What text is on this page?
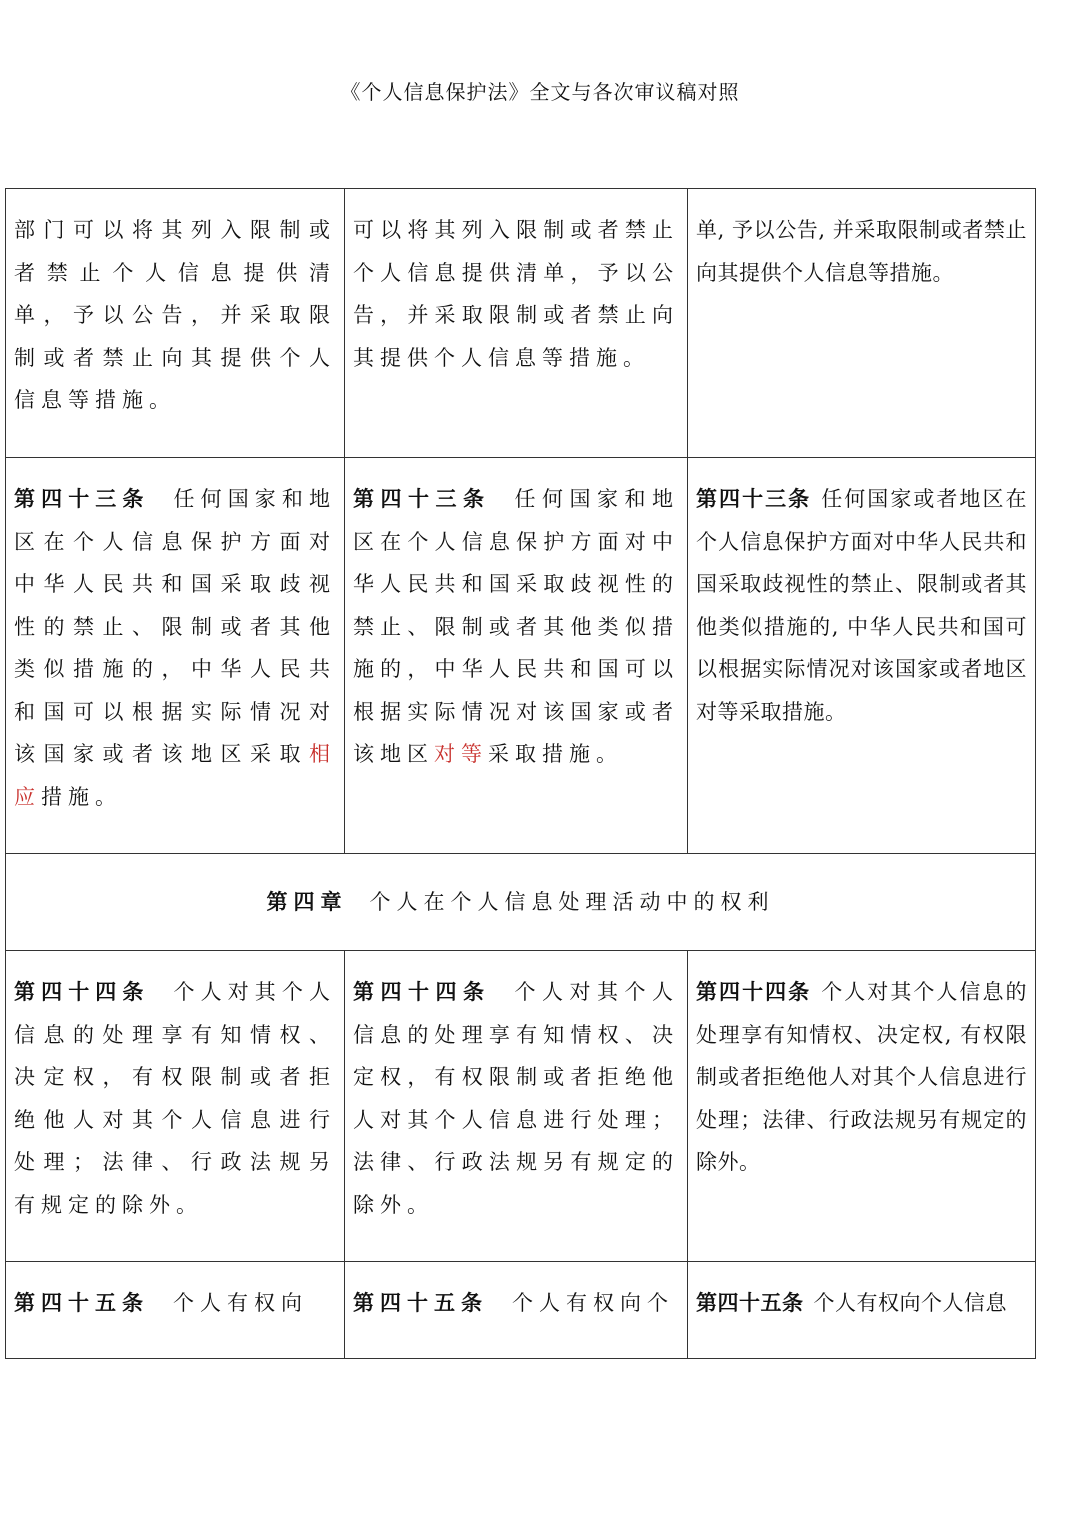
《个人信息保护法》全文与各次审议稿对照
部门可以将其列入限制或者禁止个人信息提供清单，予以公告，并采取限制或者禁止向其提供个人信息等措施。	可以将其列入限制或者禁止个人信息提供清单，予以公告，并采取限制或者禁止向其提供个人信息等措施。	单, 予以公告, 并采取限制或者禁止向其提供个人信息等措施。

第四十三条 任何国家和地区在个人信息保护方面对中华人民共和国采取歧视性的禁止、限制或者其他类似措施的，中华人民共和国可以根据实际情况对该国家或者该地区采取相应措施。	第四十三条 任何国家和地区在个人信息保护方面对中华人民共和国采取歧视性的禁止、限制或者其他类似措施的，中华人民共和国可以根据实际情况对该国家或者该地区对等采取措施。	第四十三条 任何国家或者地区在个人信息保护方面对中华人民共和国采取歧视性的禁止、限制或者其他类似措施的, 中华人民共和国可以根据实际情况对该国家或者地区对等采取措施。

第四章 个人在个人信息处理活动中的权利		

第四十四条 个人对其个人信息的处理享有知情权、决定权，有权限制或者拒绝他人对其个人信息进行处理；法律、行政法规另有规定的除外。	第四十四条 个人对其个人信息的处理享有知情权、决定权，有权限制或者拒绝他人对其个人信息进行处理；法律、行政法规另有规定的除外。	第四十四条 个人对其个人信息的处理享有知情权、决定权, 有权限制或者拒绝他人对其个人信息进行处理；法律、行政法规另有规定的除外。

第四十五条 个人有权向	第四十五条 个人有权向个	第四十五条 个人有权向个人信息
